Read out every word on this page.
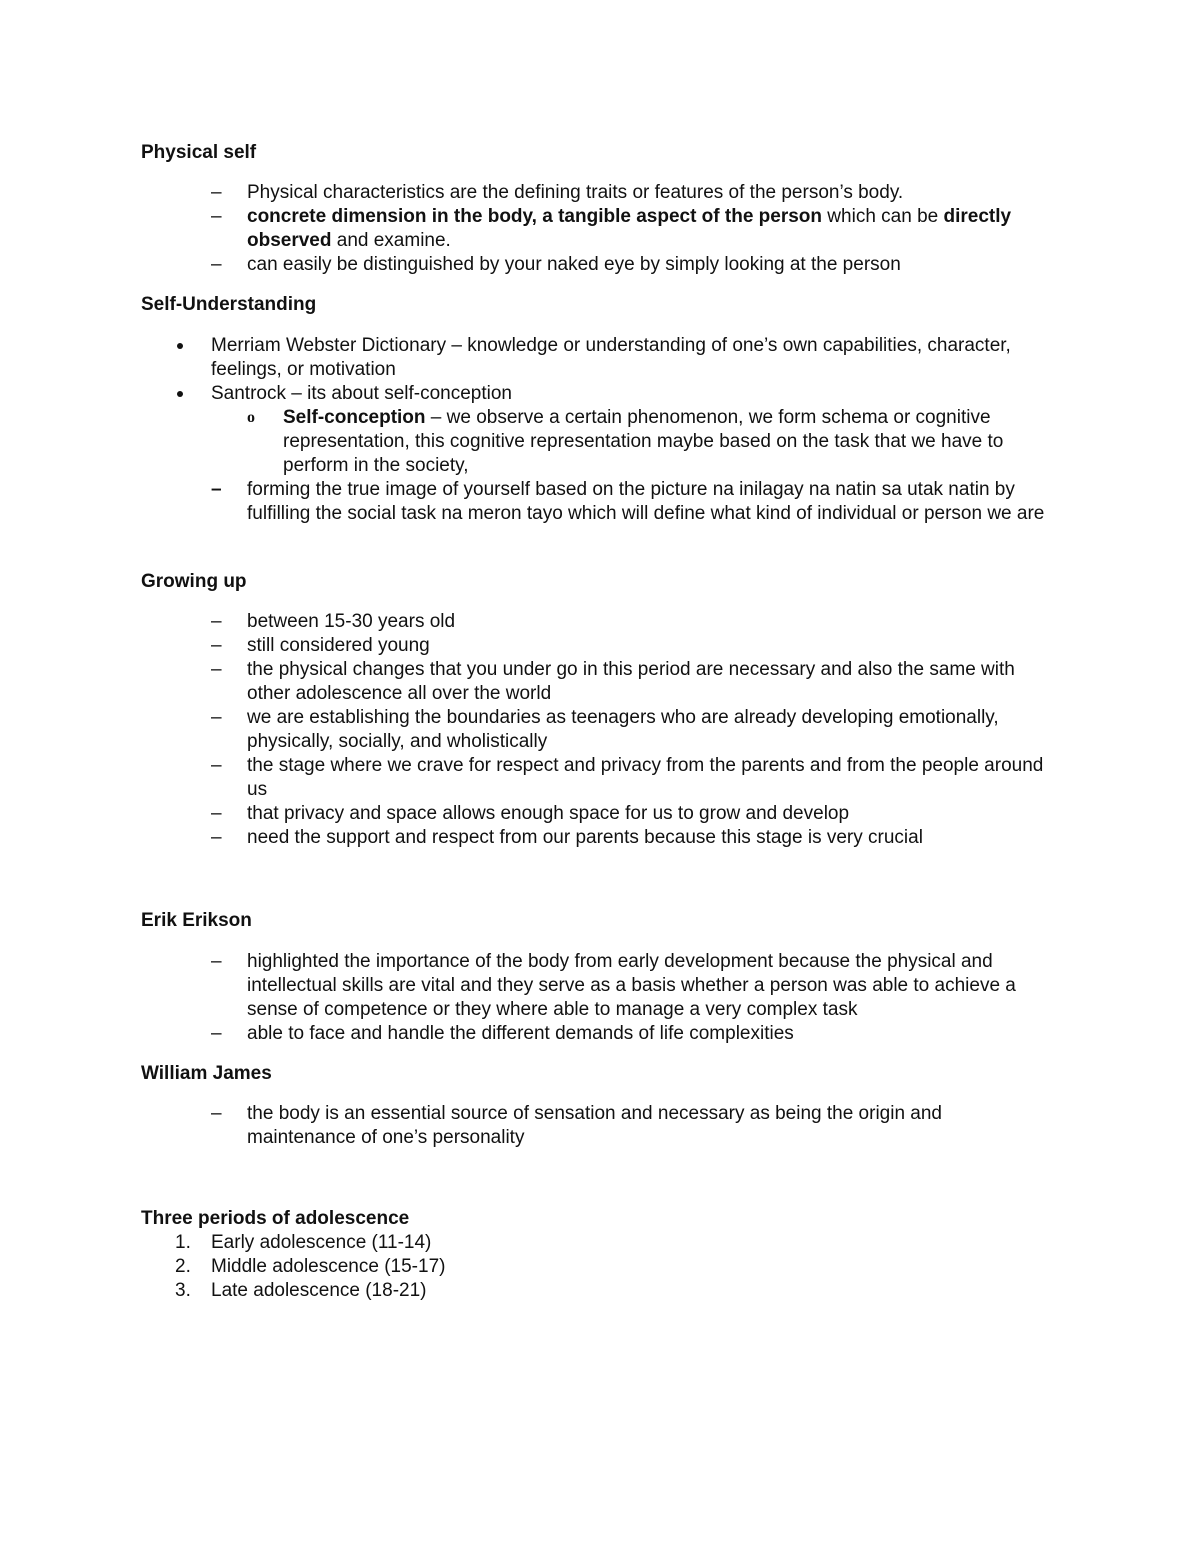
Physical self

– Physical characteristics are the defining traits or features of the person’s body.
– concrete dimension in the body, a tangible aspect of the person which can be directly observed and examine.
– can easily be distinguished by your naked eye by simply looking at the person

Self-Understanding

Merriam Webster Dictionary – knowledge or understanding of one’s own capabilities, character, feelings, or motivation
Santrock – its about self-conception
o Self-conception – we observe a certain phenomenon, we form schema or cognitive representation, this cognitive representation maybe based on the task that we have to perform in the society,
– forming the true image of yourself based on the picture na inilagay na natin sa utak natin by fulfilling the social task na meron tayo which will define what kind of individual or person we are

Growing up

– between 15-30 years old
– still considered young
– the physical changes that you under go in this period are necessary and also the same with other adolescence all over the world
– we are establishing the boundaries as teenagers who are already developing emotionally, physically, socially, and wholistically
– the stage where we crave for respect and privacy from the parents and from the people around us
– that privacy and space allows enough space for us to grow and develop
– need the support and respect from our parents because this stage is very crucial

Erik Erikson

– highlighted the importance of the body from early development because the physical and intellectual skills are vital and they serve as a basis whether a person was able to achieve a sense of competence or they where able to manage a very complex task
– able to face and handle the different demands of life complexities

William James

– the body is an essential source of sensation and necessary as being the origin and maintenance of one’s personality

Three periods of adolescence

1. Early adolescence (11-14)
2. Middle adolescence (15-17)
3. Late adolescence (18-21)
